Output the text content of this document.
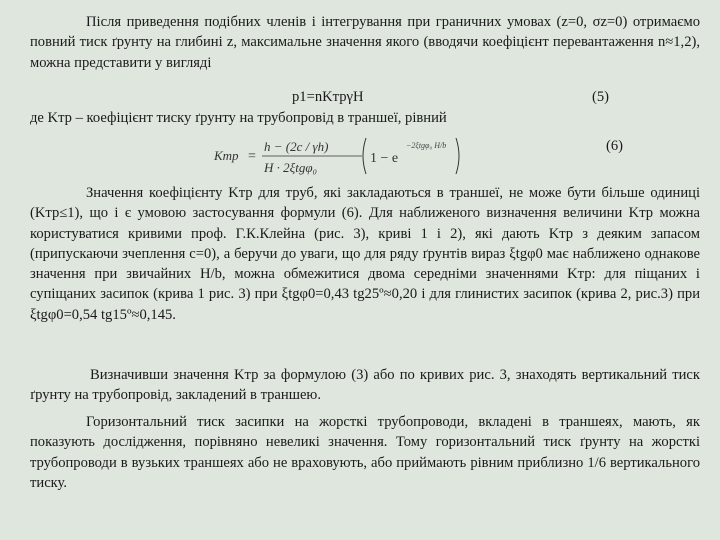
Після приведення подібних членів і інтегрування при граничних умовах (z=0, σz=0) отримаємо повний тиск ґрунту на глибині z, максимальне значення якого (вводячи коефіцієнт перевантаження n≈1,2), можна представити у вигляді

p1=nKтрγH	(5)
де Kтр – коефіцієнт тиску ґрунту на трубопровід в траншеї, рівний
Kтр =
h − (2c / γh)
H · 2ξtgφ₀
1 − e
−2ξtgφ₀ H/b	(6)

Значення коефіцієнту Kтр для труб, які закладаються в траншеї, не може бути більше одиниці (Kтр≤1), що і є умовою застосування формули (6). Для наближеного визначення величини Kтр можна користуватися кривими проф. Г.К.Клейна (рис. 3), криві 1 і 2), які дають Kтр з деяким запасом (припускаючи зчеплення c=0), а беручи до уваги, що для ряду ґрунтів вираз ξtgφ0 має наближено однакове значення при звичайних H/b, можна обмежитися двома середніми значеннями Kтр: для піщаних і супіщаних засипок (крива 1 рис. 3) при ξtgφ0=0,43 tg25º≈0,20 і для глинистих засипок (крива 2, рис.3) при ξtgφ0=0,54 tg15º≈0,145.

Визначивши значення Kтр за формулою (3) або по кривих рис. 3, знаходять вертикальний тиск ґрунту на трубопровід, закладений в траншею.

Горизонтальний тиск засипки на жорсткі трубопроводи, вкладені в траншеях, мають, як показують дослідження, порівняно невеликі значення. Тому горизонтальний тиск ґрунту на жорсткі трубопроводи в вузьких траншеях або не враховують, або приймають рівним приблизно 1/6 вертикального тиску.
